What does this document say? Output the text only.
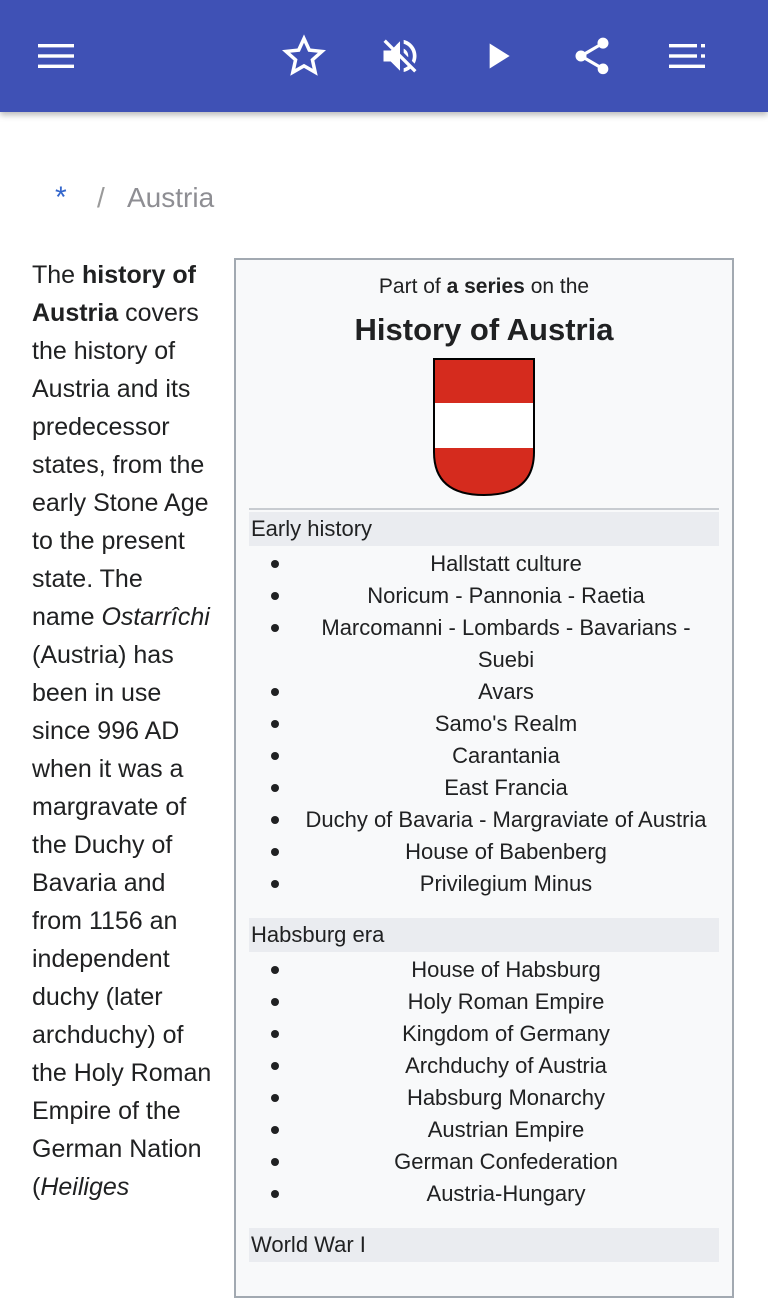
*	/ Austria
The history of Austria covers the history of Austria and its predecessor states, from the early Stone Age to the present state. The name Ostarrîchi (Austria) has been in use since 996 AD when it was a margravate of the Duchy of Bavaria and from 1156 an independent duchy (later archduchy) of the Holy Roman Empire of the German Nation (Heiliges
Part of a series on the
History of Austria
Early history
Hallstatt culture
Noricum - Pannonia - Raetia
Marcomanni - Lombards - Bavarians - Suebi
Avars
Samo's Realm
Carantania
East Francia
Duchy of Bavaria - Margraviate of Austria
House of Babenberg
Privilegium Minus
Habsburg era
House of Habsburg
Holy Roman Empire
Kingdom of Germany
Archduchy of Austria
Habsburg Monarchy
Austrian Empire
German Confederation
Austria-Hungary
World War I
